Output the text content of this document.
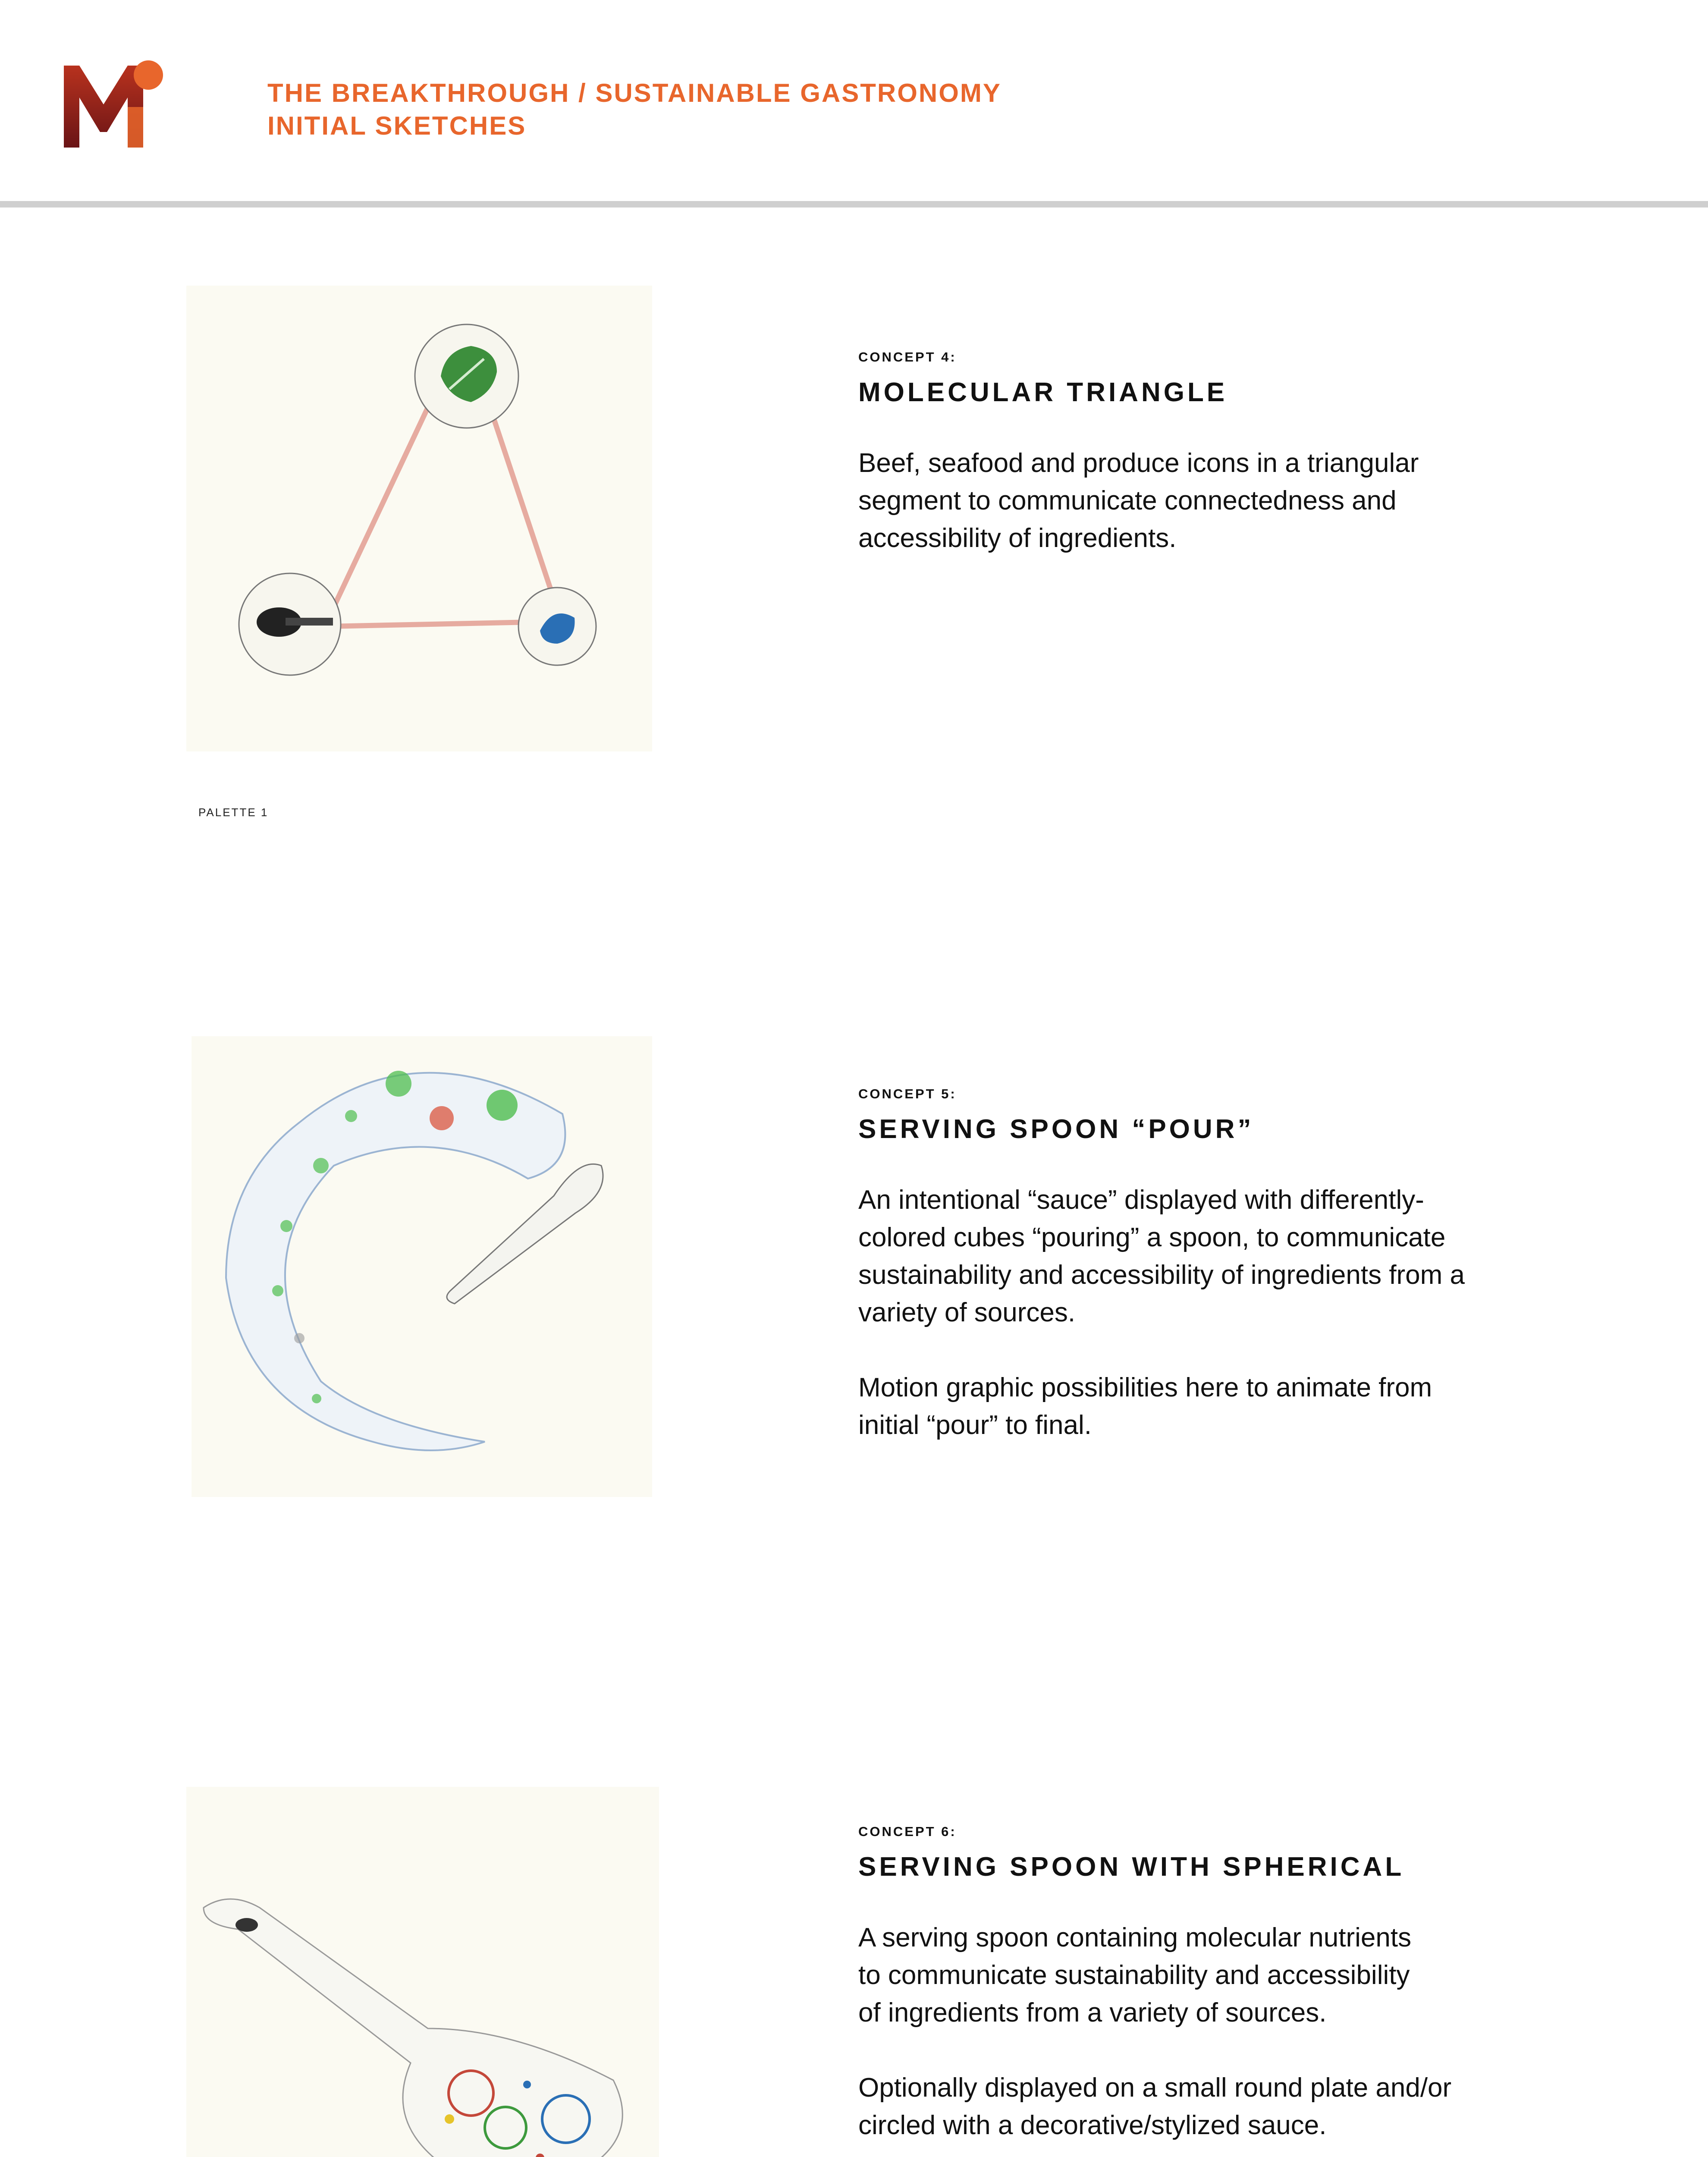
THE BREAKTHROUGH / SUSTAINABLE GASTRONOMY
INITIAL SKETCHES
PALETTE 1

CONCEPT 4:

MOLECULAR TRIANGLE

Beef, seafood and produce icons in a triangular
segment to communicate connectedness and
accessibility of ingredients.

CONCEPT 5:

SERVING SPOON “POUR”

An intentional “sauce” displayed with differently-
colored cubes “pouring” a spoon, to communicate
sustainability and accessibility of ingredients from a
variety of sources.

Motion graphic possibilities here to animate from
initial “pour” to final.

CONCEPT 6:

SERVING SPOON WITH SPHERICAL

A serving spoon containing molecular nutrients
to communicate sustainability and accessibility
of ingredients from a variety of sources.

Optionally displayed on a small round plate and/or
circled with a decorative/stylized sauce.
